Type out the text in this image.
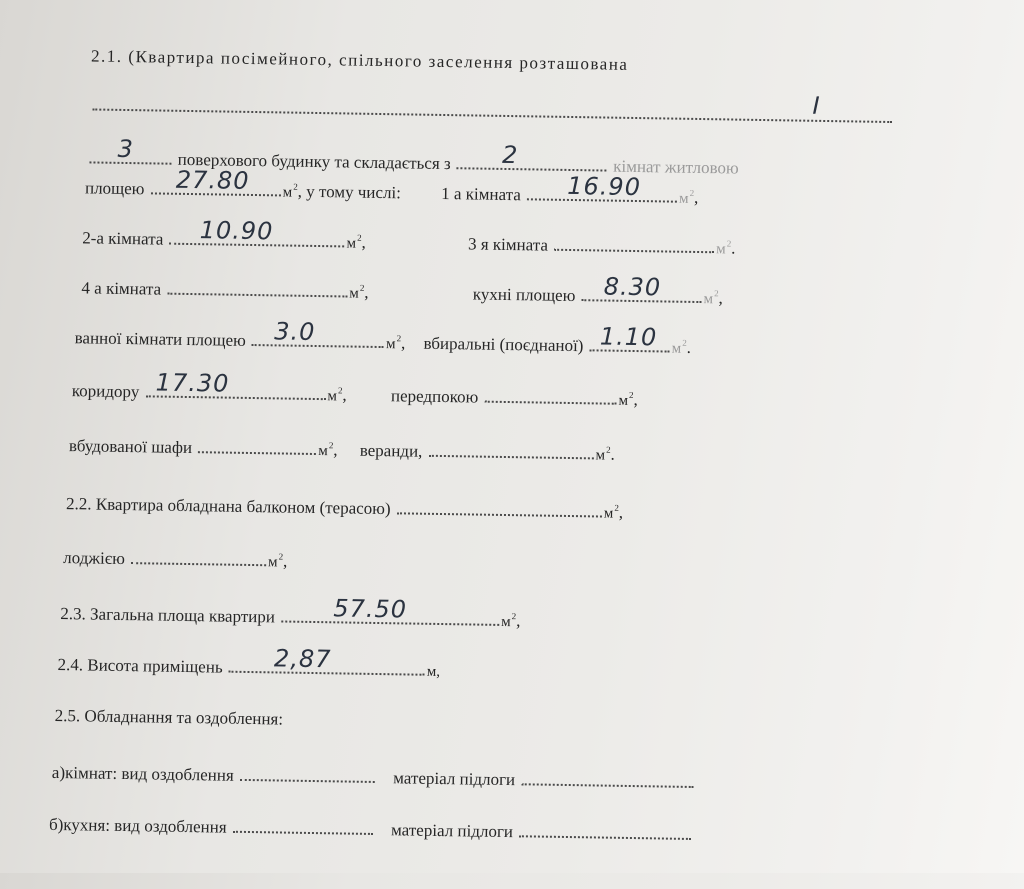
2.1. (Квартира посімейного, спільного заселення розташована
I
3	поверхового будинку та складається з 2	кімнат житловою
площею 27.80 $м^2$, у тому числі: 1 а кімната 16.90	$м^2$,
2-а кімната 10.90	$м^2$,	3 я кімната	$м^2$.
4 а кімната	$м^2$,	кухні площею 8.30	$м^2$,
ванної кімнати площею 3.0	$м^2$, вбиральні (поєднаної) 1.10 $м^2$.
коридору 17.30	$м^2$, передпокою	$м^2$,
вбудованої шафи	$м^2$, веранди,	$м^2$.
2.2. Квартира обладнана балконом (терасою)	$м^2$,
лоджією	$м^2$,
2.3. Загальна площа квартири 57.50	$м^2$,
2.4. Висота приміщень 2,87	м,
2.5. Обладнання та оздоблення:
а)кімнат: вид оздоблення	матеріал підлоги
б)кухня: вид оздоблення	матеріал підлоги
